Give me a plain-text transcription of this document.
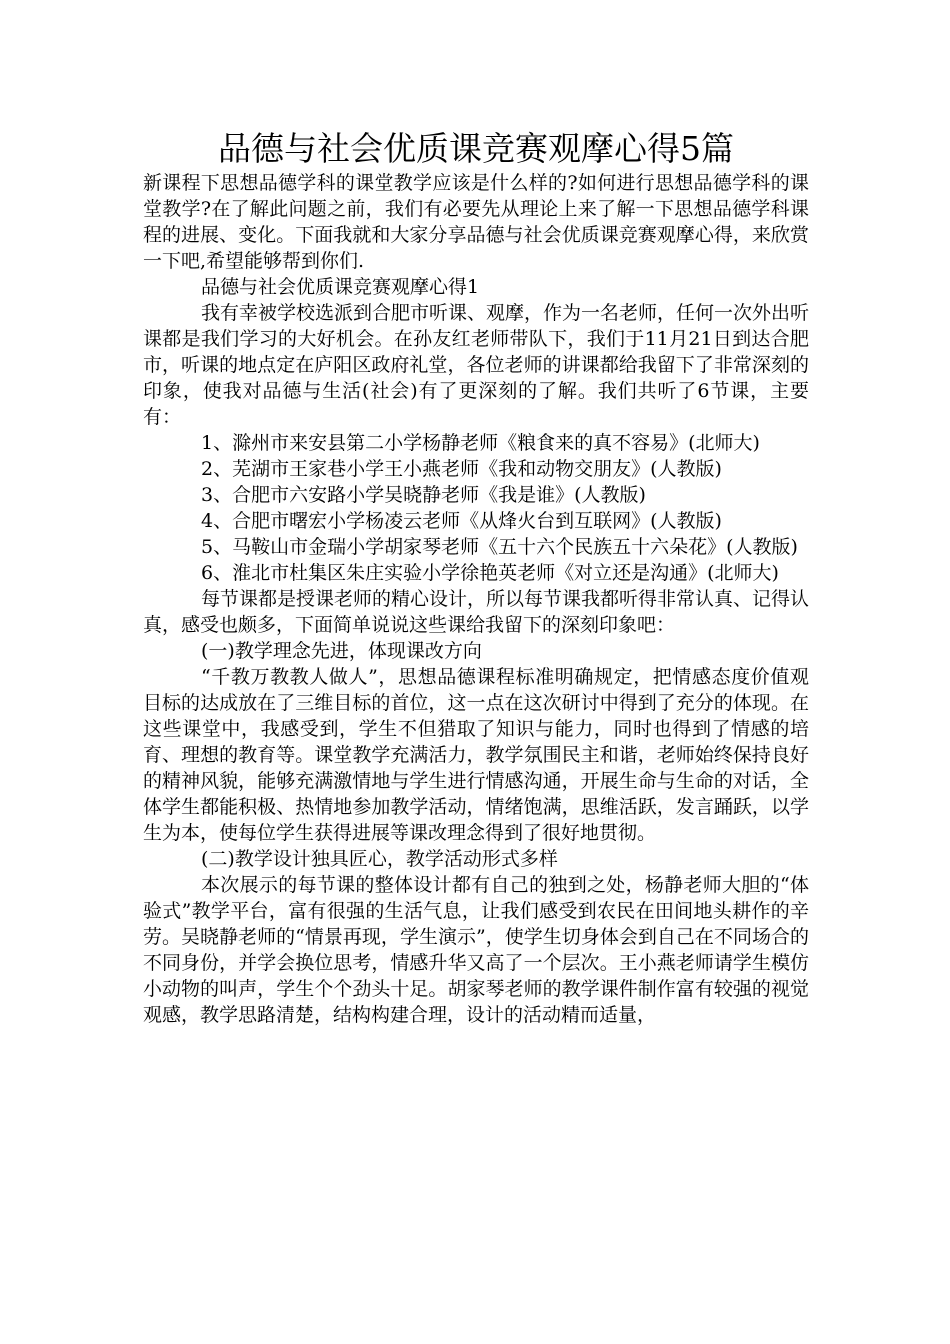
品德与社会优质课竞赛观摩心得5篇

新课程下思想品德学科的课堂教学应该是什么样的?如何进行思想品德学科的课堂教学?在了解此问题之前，我们有必要先从理论上来了解一下思想品德学科课程的进展、变化。下面我就和大家分享品德与社会优质课竞赛观摩心得，来欣赏一下吧,希望能够帮到你们.

品德与社会优质课竞赛观摩心得1

我有幸被学校选派到合肥市听课、观摩，作为一名老师，任何一次外出听课都是我们学习的大好机会。在孙友红老师带队下，我们于11月21日到达合肥市，听课的地点定在庐阳区政府礼堂，各位老师的讲课都给我留下了非常深刻的印象，使我对品德与生活(社会)有了更深刻的了解。我们共听了6节课，主要有：

1、滁州市来安县第二小学杨静老师《粮食来的真不容易》(北师大)

2、芜湖市王家巷小学王小燕老师《我和动物交朋友》(人教版)

3、合肥市六安路小学吴晓静老师《我是谁》(人教版)

4、合肥市曙宏小学杨凌云老师《从烽火台到互联网》(人教版)

5、马鞍山市金瑞小学胡家琴老师《五十六个民族五十六朵花》(人教版)

6、淮北市杜集区朱庄实验小学徐艳英老师《对立还是沟通》(北师大)

每节课都是授课老师的精心设计，所以每节课我都听得非常认真、记得认真，感受也颇多，下面简单说说这些课给我留下的深刻印象吧：

(一)教学理念先进，体现课改方向

“千教万教教人做人”，思想品德课程标准明确规定，把情感态度价值观目标的达成放在了三维目标的首位，这一点在这次研讨中得到了充分的体现。在这些课堂中，我感受到，学生不但猎取了知识与能力，同时也得到了情感的培育、理想的教育等。课堂教学充满活力，教学氛围民主和谐，老师始终保持良好的精神风貌，能够充满激情地与学生进行情感沟通，开展生命与生命的对话，全体学生都能积极、热情地参加教学活动，情绪饱满，思维活跃，发言踊跃，以学生为本，使每位学生获得进展等课改理念得到了很好地贯彻。

(二)教学设计独具匠心，教学活动形式多样

本次展示的每节课的整体设计都有自己的独到之处，杨静老师大胆的“体验式”教学平台，富有很强的生活气息，让我们感受到农民在田间地头耕作的辛劳。吴晓静老师的“情景再现，学生演示”，使学生切身体会到自己在不同场合的不同身份，并学会换位思考，情感升华又高了一个层次。王小燕老师请学生模仿小动物的叫声，学生个个劲头十足。胡家琴老师的教学课件制作富有较强的视觉观感，教学思路清楚，结构构建合理，设计的活动精而适量，
